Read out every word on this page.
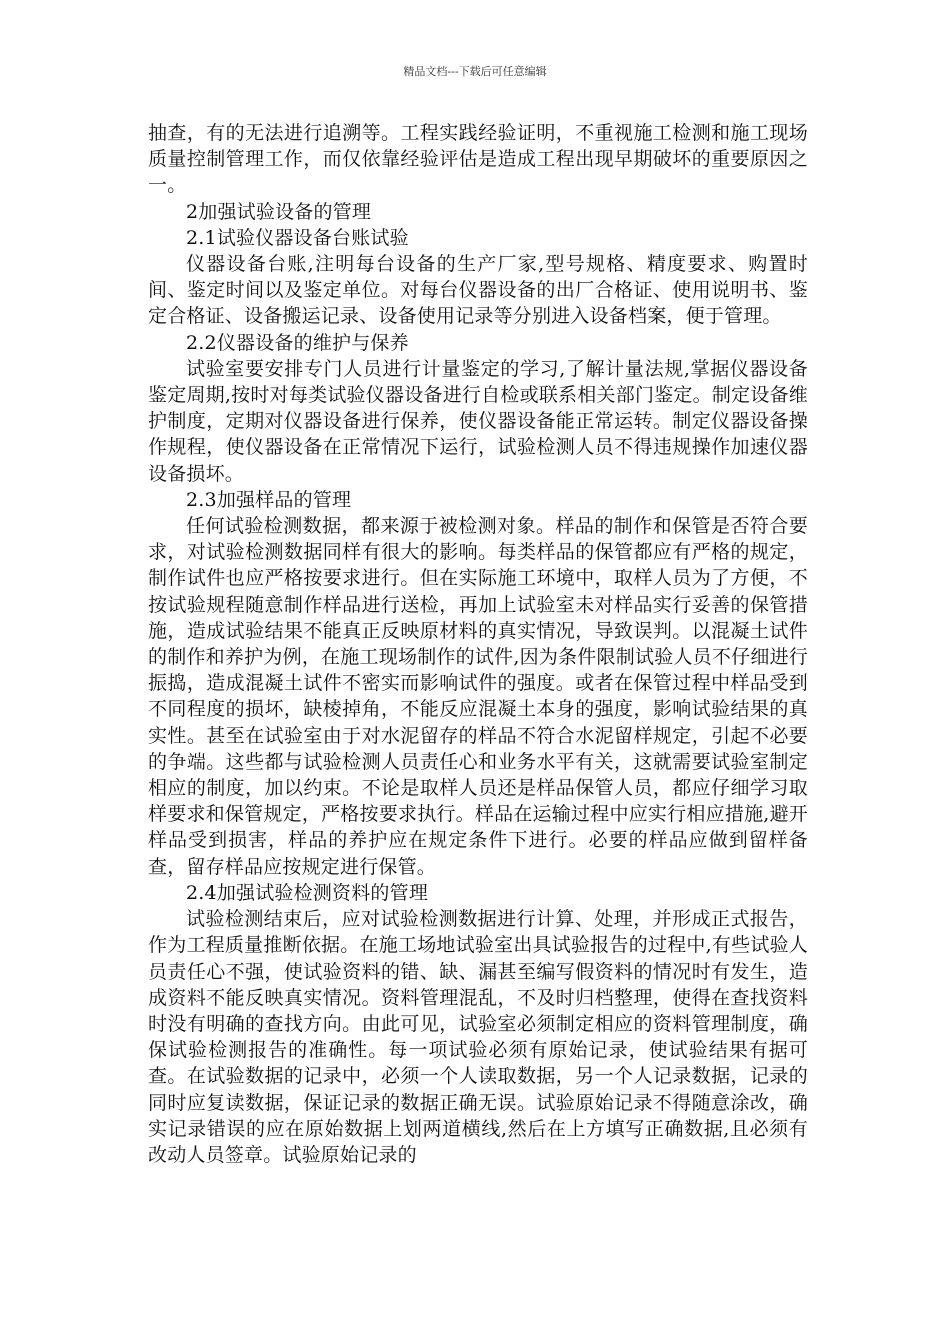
精品文档---下载后可任意编辑

抽查，有的无法进行追溯等。工程实践经验证明，不重视施工检测和施工现场质量控制管理工作，而仅依靠经验评估是造成工程出现早期破坏的重要原因之一。

2加强试验设备的管理

2.1试验仪器设备台账试验

仪器设备台账,注明每台设备的生产厂家,型号规格、精度要求、购置时间、鉴定时间以及鉴定单位。对每台仪器设备的出厂合格证、使用说明书、鉴定合格证、设备搬运记录、设备使用记录等分别进入设备档案，便于管理。

2.2仪器设备的维护与保养

试验室要安排专门人员进行计量鉴定的学习,了解计量法规,掌据仪器设备鉴定周期,按时对每类试验仪器设备进行自检或联系相关部门鉴定。制定设备维护制度，定期对仪器设备进行保养，使仪器设备能正常运转。制定仪器设备操作规程，使仪器设备在正常情况下运行，试验检测人员不得违规操作加速仪器设备损坏。

2.3加强样品的管理

任何试验检测数据，都来源于被检测对象。样品的制作和保管是否符合要求，对试验检测数据同样有很大的影响。每类样品的保管都应有严格的规定，制作试件也应严格按要求进行。但在实际施工环境中，取样人员为了方便，不按试验规程随意制作样品进行送检，再加上试验室未对样品实行妥善的保管措施，造成试验结果不能真正反映原材料的真实情况，导致误判。以混凝土试件的制作和养护为例，在施工现场制作的试件,因为条件限制试验人员不仔细进行振捣，造成混凝土试件不密实而影响试件的强度。或者在保管过程中样品受到不同程度的损坏，缺棱掉角，不能反应混凝土本身的强度，影响试验结果的真实性。甚至在试验室由于对水泥留存的样品不符合水泥留样规定，引起不必要的争端。这些都与试验检测人员责任心和业务水平有关，这就需要试验室制定相应的制度，加以约束。不论是取样人员还是样品保管人员，都应仔细学习取样要求和保管规定，严格按要求执行。样品在运输过程中应实行相应措施,避开样品受到损害，样品的养护应在规定条件下进行。必要的样品应做到留样备查，留存样品应按规定进行保管。

2.4加强试验检测资料的管理

试验检测结束后，应对试验检测数据进行计算、处理，并形成正式报告，作为工程质量推断依据。在施工场地试验室出具试验报告的过程中,有些试验人员责任心不强，使试验资料的错、缺、漏甚至编写假资料的情况时有发生，造成资料不能反映真实情况。资料管理混乱，不及时归档整理，使得在查找资料时没有明确的查找方向。由此可见，试验室必须制定相应的资料管理制度，确保试验检测报告的准确性。每一项试验必须有原始记录，使试验结果有据可查。在试验数据的记录中，必须一个人读取数据，另一个人记录数据，记录的同时应复读数据，保证记录的数据正确无误。试验原始记录不得随意涂改，确实记录错误的应在原始数据上划两道横线,然后在上方填写正确数据,且必须有改动人员签章。试验原始记录的
